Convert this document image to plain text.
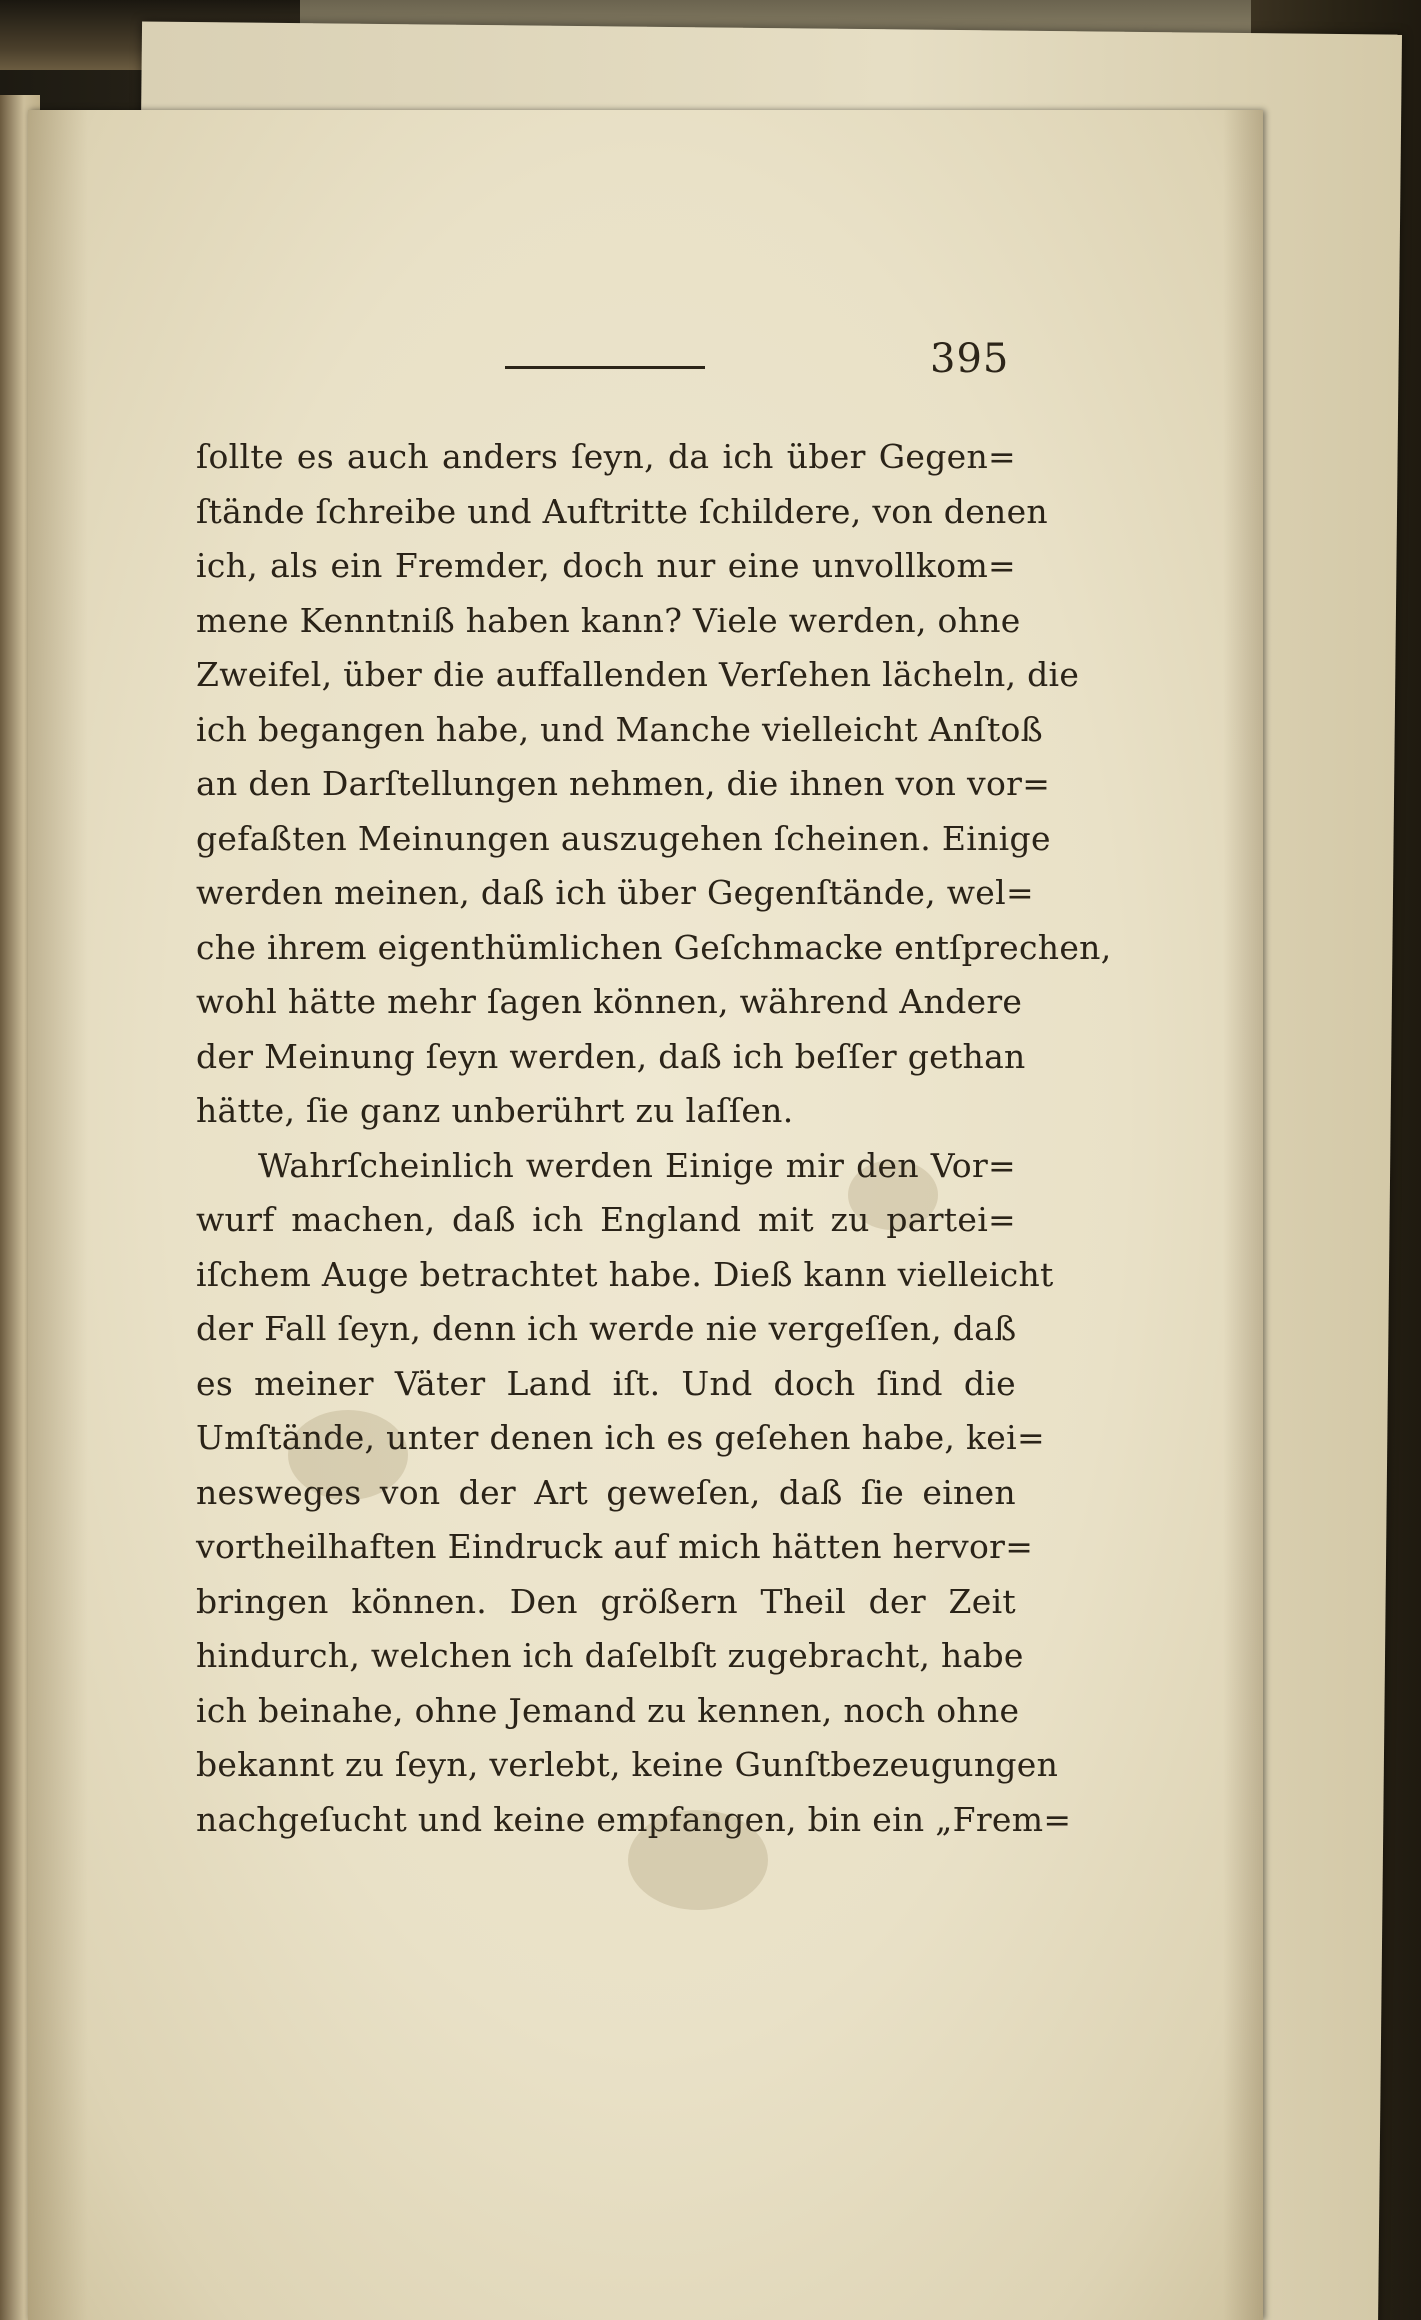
395
ſollte es auch anders ſeyn, da ich über Gegen=
ſtände ſchreibe und Auftritte ſchildere, von denen
ich, als ein Fremder, doch nur eine unvollkom=
mene Kenntniß haben kann? Viele werden, ohne
Zweifel, über die auffallenden Verſehen lächeln, die
ich begangen habe, und Manche vielleicht Anſtoß
an den Darſtellungen nehmen, die ihnen von vor=
gefaßten Meinungen auszugehen ſcheinen. Einige
werden meinen, daß ich über Gegenſtände, wel=
che ihrem eigenthümlichen Geſchmacke entſprechen,
wohl hätte mehr ſagen können, während Andere
der Meinung ſeyn werden, daß ich beſſer gethan
hätte, ſie ganz unberührt zu laſſen.
Wahrſcheinlich werden Einige mir den Vor=
wurf machen, daß ich England mit zu partei=
iſchem Auge betrachtet habe. Dieß kann vielleicht
der Fall ſeyn, denn ich werde nie vergeſſen, daß
es meiner Väter Land iſt. Und doch ſind die
Umſtände, unter denen ich es geſehen habe, kei=
nesweges von der Art geweſen, daß ſie einen
vortheilhaften Eindruck auf mich hätten hervor=
bringen können. Den größern Theil der Zeit
hindurch, welchen ich daſelbſt zugebracht, habe
ich beinahe, ohne Jemand zu kennen, noch ohne
bekannt zu ſeyn, verlebt, keine Gunſtbezeugungen
nachgeſucht und keine empfangen, bin ein „Frem=
